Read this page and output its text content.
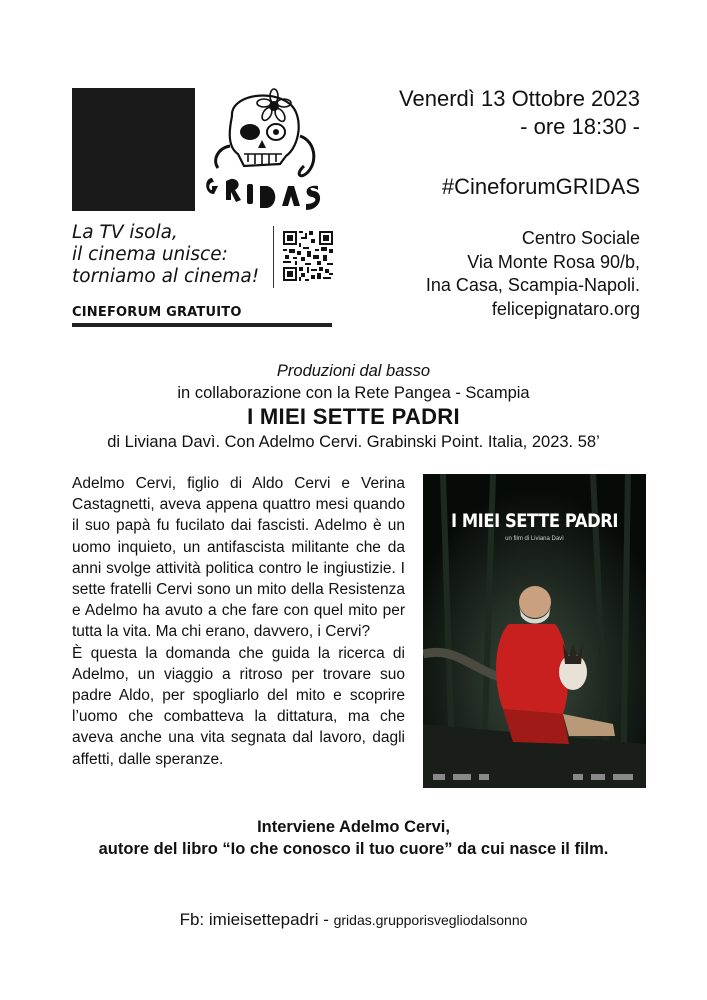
La TV isola,
il cinema unisce:
torniamo al cinema!
CINEFORUM GRATUITO
Venerdì 13 Ottobre 2023
- ore 18:30 -
#CineforumGRIDAS
Centro Sociale
Via Monte Rosa 90/b,
Ina Casa, Scampia-Napoli.
felicepignataro.org
Produzioni dal basso
in collaborazione con la Rete Pangea - Scampia
I MIEI SETTE PADRI
di Liviana Davì. Con Adelmo Cervi. Grabinski Point. Italia, 2023. 58’

Adelmo Cervi, figlio di Aldo Cervi e Verina Castagnetti, aveva appena quattro mesi quando il suo papà fu fucilato dai fascisti. Adelmo è un uomo inquieto, un antifascista militante che da anni svolge attività politica contro le ingiustizie. I sette fratelli Cervi sono un mito della Resistenza e Adelmo ha avuto a che fare con quel mito per tutta la vita. Ma chi erano, davvero, i Cervi?

È questa la domanda che guida la ricerca di Adelmo, un viaggio a ritroso per trovare suo padre Aldo, per spogliarlo del mito e scoprire l’uomo che combatteva la dittatura, ma che aveva anche una vita segnata dal lavoro, dagli affetti, dalle speranze.

I MIEI SETTE PADRI
un film di Liviana Davì
Interviene Adelmo Cervi,
autore del libro “Io che conosco il tuo cuore” da cui nasce il film.
Fb: imieisettepadri - gridas.grupporisvegliodalsonno
